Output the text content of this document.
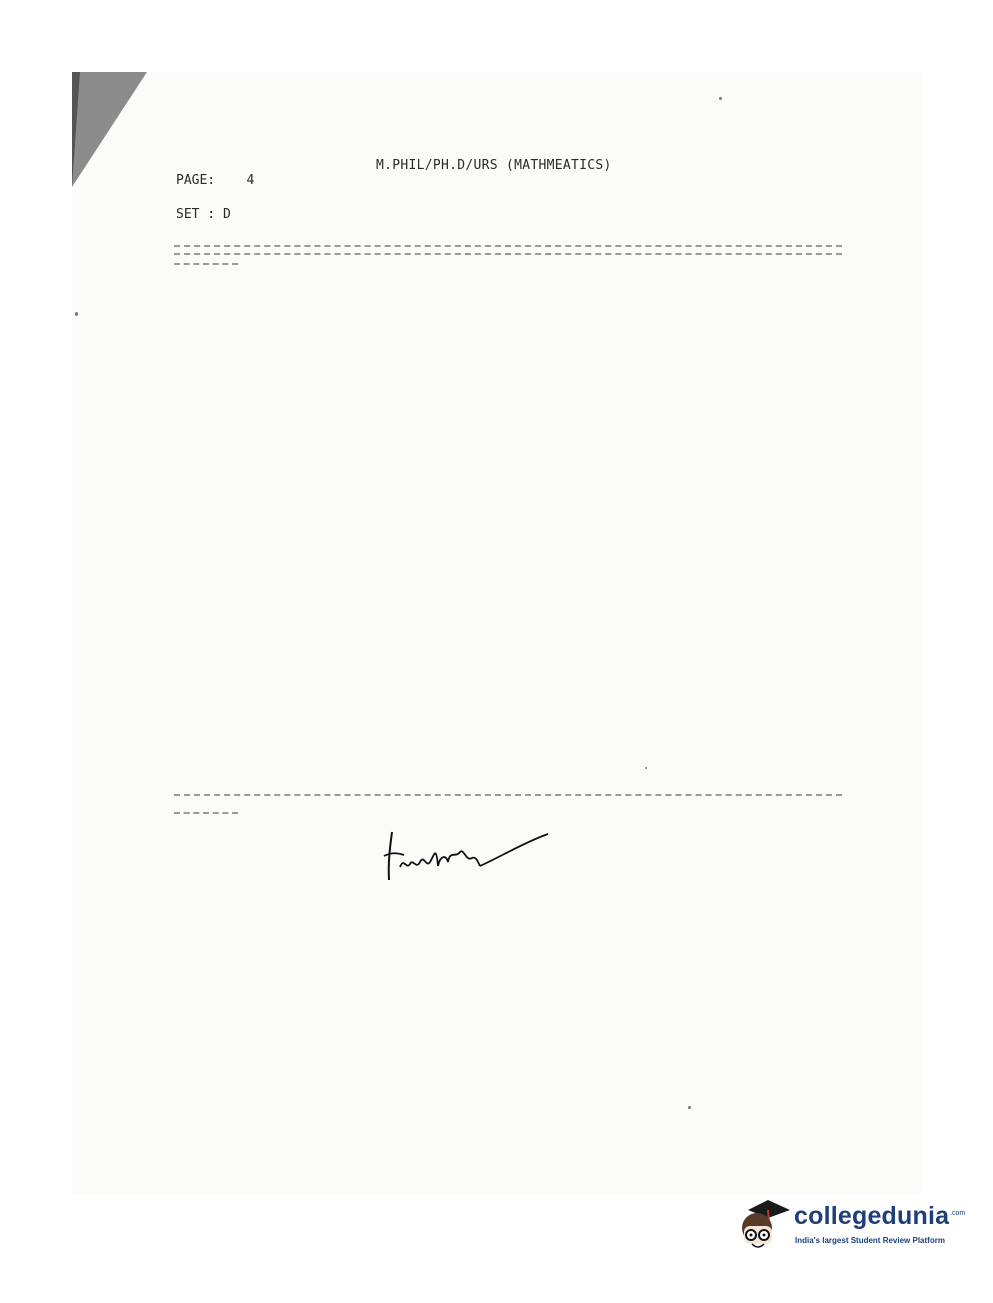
M.PHIL/PH.D/URS (MATHMEATICS)
PAGE: 4
SET : D
collegedunia .com
India's largest Student Review Platform
